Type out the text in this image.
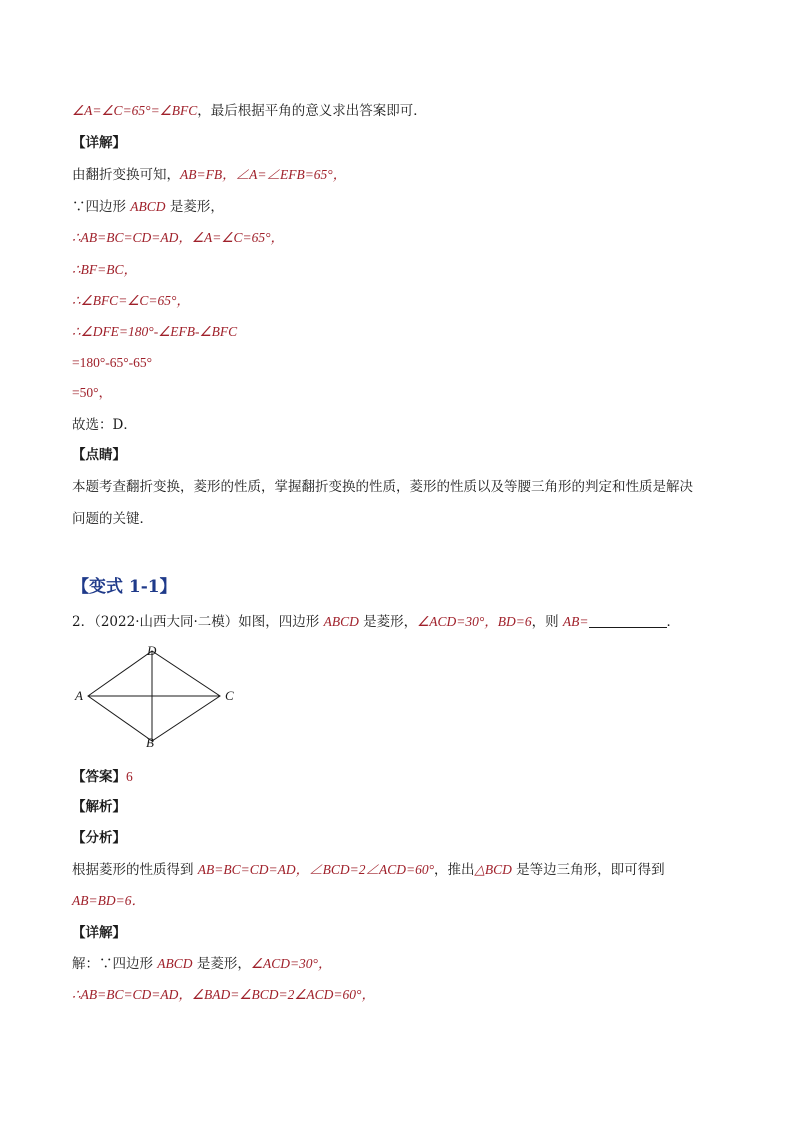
∠A=∠C=65°=∠BFC，最后根据平角的意义求出答案即可．
【详解】
由翻折变换可知，AB=FB，∠A=∠EFB=65°，
∵四边形 ABCD 是菱形，
∴AB=BC=CD=AD，∠A=∠C=65°，
∴BF=BC，
∴∠BFC=∠C=65°，
∴∠DFE=180°-∠EFB-∠BFC
=180°-65°-65°
=50°，
故选：D．
【点睛】
本题考查翻折变换，菱形的性质，掌握翻折变换的性质，菱形的性质以及等腰三角形的判定和性质是解决
问题的关键．
【变式 1-1】
2．（2022·山西大同·二模）如图，四边形 ABCD 是菱形，∠ACD=30°，BD=6，则 AB=	．
D
A	C
B
【答案】6
【解析】
【分析】
根据菱形的性质得到 AB=BC=CD=AD，∠BCD=2∠ACD=60°，推出△BCD 是等边三角形，即可得到
AB=BD=6．
【详解】
解：∵四边形 ABCD 是菱形，∠ACD=30°，
∴AB=BC=CD=AD，∠BAD=∠BCD=2∠ACD=60°，
